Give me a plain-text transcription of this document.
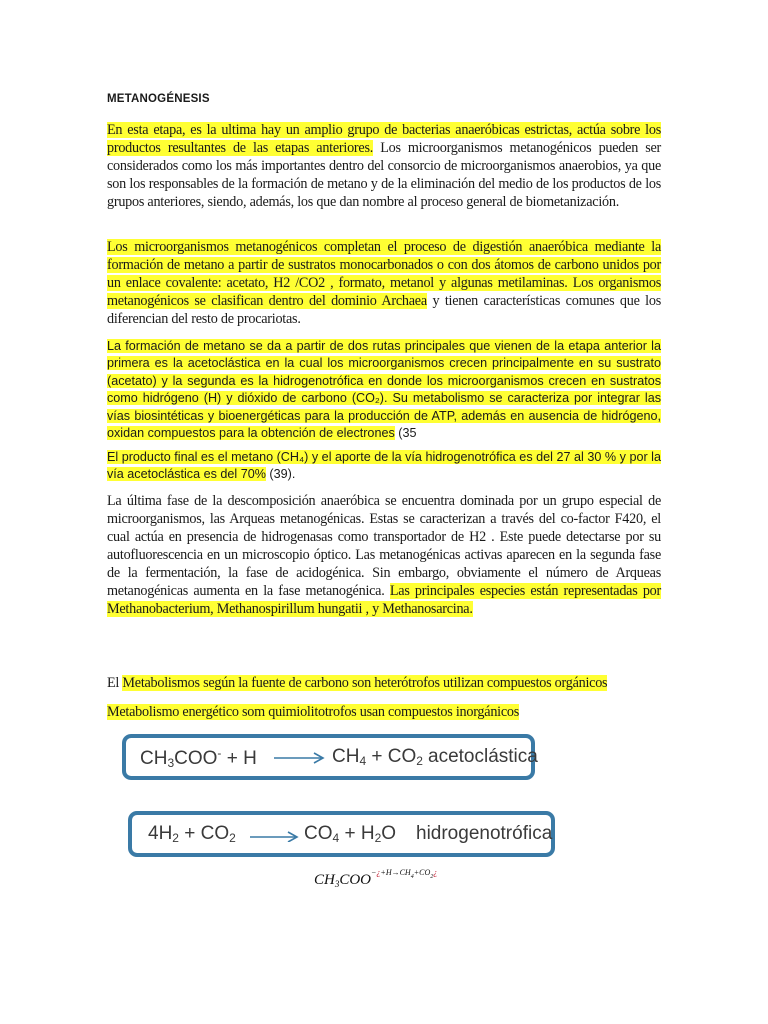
METANOGÉNESIS

En esta etapa, es la ultima hay un amplio grupo de bacterias anaeróbicas estrictas, actúa sobre los productos resultantes de las etapas anteriores. Los microorganismos metanogénicos pueden ser considerados como los más importantes dentro del consorcio de microorganismos anaerobios, ya que son los responsables de la formación de metano y de la eliminación del medio de los productos de los grupos anteriores, siendo, además, los que dan nombre al proceso general de biometanización.

Los microorganismos metanogénicos completan el proceso de digestión anaeróbica mediante la formación de metano a partir de sustratos monocarbonados o con dos átomos de carbono unidos por un enlace covalente: acetato, H2 /CO2 , formato, metanol y algunas metilaminas. Los organismos metanogénicos se clasifican dentro del dominio Archaea y tienen características comunes que los diferencian del resto de procariotas.

La formación de metano se da a partir de dos rutas principales que vienen de la etapa anterior la primera es la acetoclástica en la cual los microorganismos crecen principalmente en su sustrato (acetato) y la segunda es la hidrogenotrófica en donde los microorganismos crecen en sustratos como hidrógeno (H) y dióxido de carbono (CO₂). Su metabolismo se caracteriza por integrar las vías biosintéticas y bioenergéticas para la producción de ATP, además en ausencia de hidrógeno, oxidan compuestos para la obtención de electrones (35

El producto final es el metano (CH₄) y el aporte de la vía hidrogenotrófica es del 27 al 30 % y por la vía acetoclástica es del 70% (39).

La última fase de la descomposición anaeróbica se encuentra dominada por un grupo especial de microorganismos, las Arqueas metanogénicas. Estas se caracterizan a través del co-factor F420, el cual actúa en presencia de hidrogenasas como transportador de H2 . Este puede detectarse por su autofluorescencia en un microscopio óptico. Las metanogénicas activas aparecen en la segunda fase de la fermentación, la fase de acidogénica. Sin embargo, obviamente el número de Arqueas metanogénicas aumenta en la fase metanogénica. Las principales especies están representadas por Methanobacterium, Methanospirillum hungatii , y Methanosarcina.

El Metabolismos según la fuente de carbono son heterótrofos utilizan compuestos orgánicos

Metabolismo energético som quimiolitotrofos usan compuestos inorgánicos

$CH_3COO^- + H \to CH_4 + CO_2$ acetoclástica
$4H_2 + CO_2 \to CO_4 + H_2O$ hidrogenotrófica
$CH_3COO^{-¿+H\to CH_4+CO_2¿}$
